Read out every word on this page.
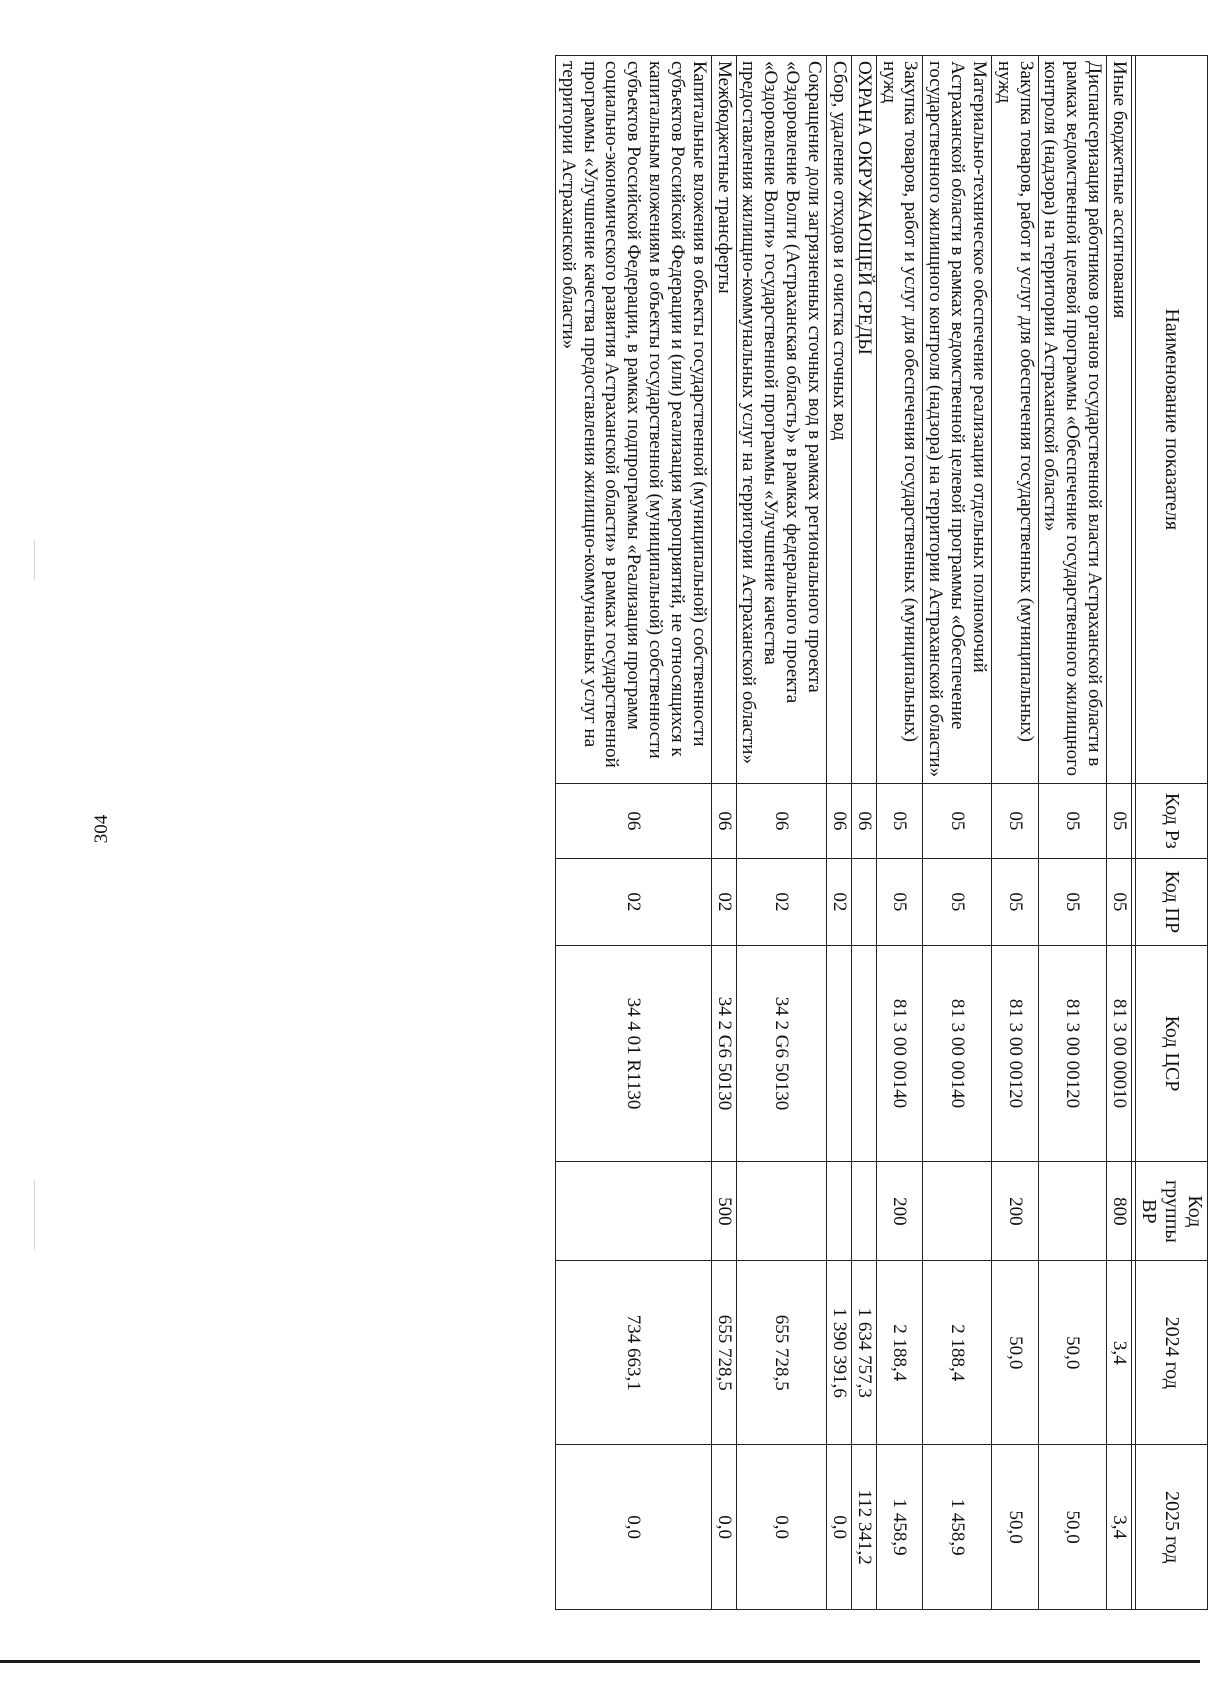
304
Наименование показателя	Код Рз	Код ПР	Код ЦСР	Код группы ВР	2024 год	2025 год

Иные бюджетные ассигнования	05	05	81 3 00 00010	800	3,4	3,4
Диспансеризация работников органов государственной власти Астраханской области в рамках ведомственной целевой программы «Обеспечение государственного жилищного контроля (надзора) на территории Астраханской области»	05	05	81 3 00 00120		50,0	50,0
Закупка товаров, работ и услуг для обеспечения государственных (муниципальных) нужд	05	05	81 3 00 00120	200	50,0	50,0
Материально-техническое обеспечение реализации отдельных полномочий Астраханской области в рамках ведомственной целевой программы «Обеспечение государственного жилищного контроля (надзора) на территории Астраханской области»	05	05	81 3 00 00140		2 188,4	1 458,9
Закупка товаров, работ и услуг для обеспечения государственных (муниципальных) нужд	05	05	81 3 00 00140	200	2 188,4	1 458,9
ОХРАНА ОКРУЖАЮЩЕЙ СРЕДЫ	06				1 634 757,3	112 341,2
Сбор, удаление отходов и очистка сточных вод	06	02			1 390 391,6	0,0
Сокращение доли загрязненных сточных вод в рамках регионального проекта «Оздоровление Волги (Астраханская область)» в рамках федерального проекта «Оздоровление Волги» государственной программы «Улучшение качества предоставления жилищно-коммунальных услуг на территории Астраханской области»	06	02	34 2 G6 50130		655 728,5	0,0
Межбюджетные трансферты	06	02	34 2 G6 50130	500	655 728,5	0,0
Капитальные вложения в объекты государственной (муниципальной) собственности субъектов Российской Федерации и (или) реализация мероприятий, не относящихся к капитальным вложениям в объекты государственной (муниципальной) собственности субъектов Российской Федерации, в рамках подпрограммы «Реализация программ социально-экономического развития Астраханской области» в рамках государственной программы «Улучшение качества предоставления жилищно-коммунальных услуг на территории Астраханской области»	06	02	34 4 01 R1130		734 663,1	0,0
